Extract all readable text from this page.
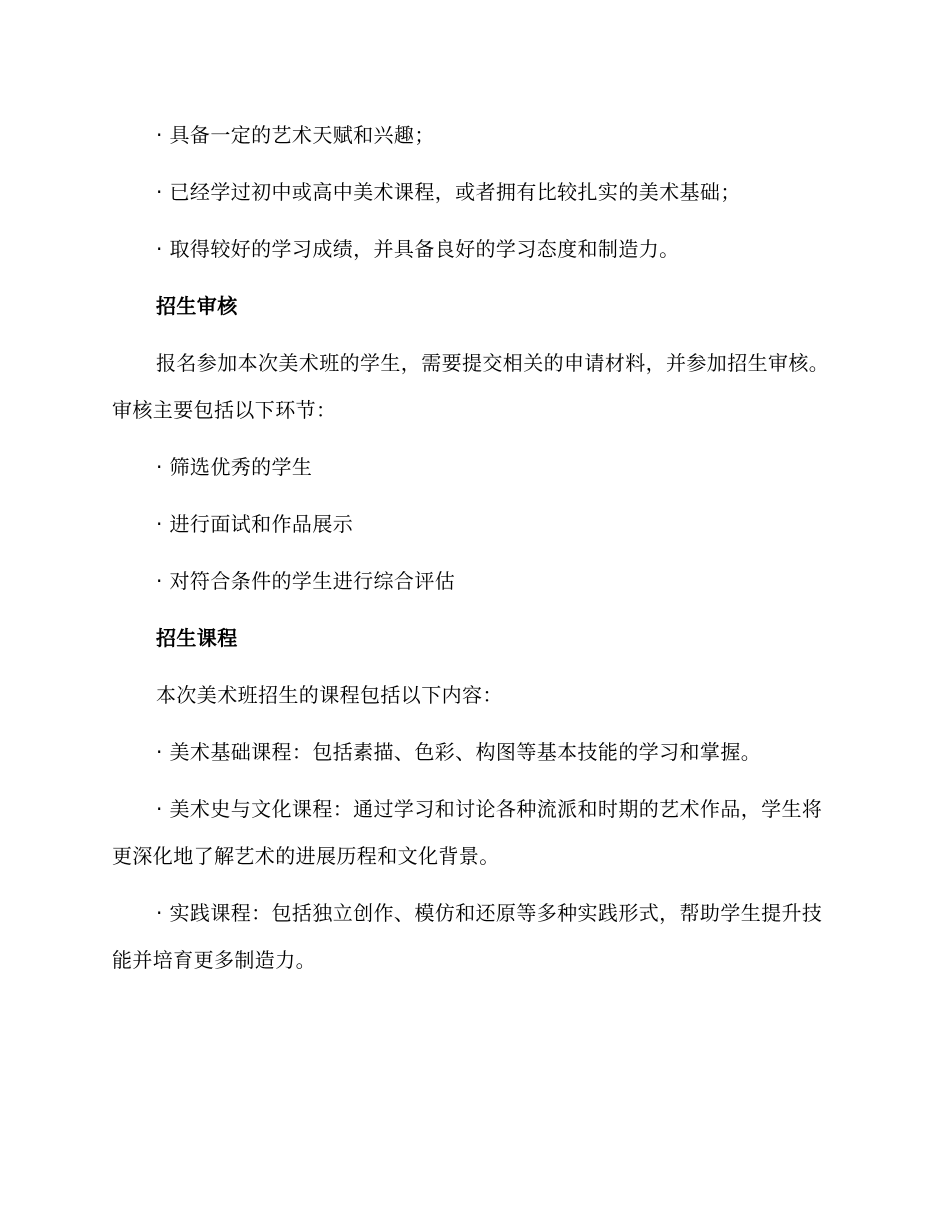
· 具备一定的艺术天赋和兴趣；

· 已经学过初中或高中美术课程，或者拥有比较扎实的美术基础；

· 取得较好的学习成绩，并具备良好的学习态度和制造力。

招生审核

报名参加本次美术班的学生，需要提交相关的申请材料，并参加招生审核。审核主要包括以下环节：

· 筛选优秀的学生

· 进行面试和作品展示

· 对符合条件的学生进行综合评估

招生课程

本次美术班招生的课程包括以下内容：

· 美术基础课程：包括素描、色彩、构图等基本技能的学习和掌握。

· 美术史与文化课程：通过学习和讨论各种流派和时期的艺术作品，学生将更深化地了解艺术的进展历程和文化背景。

· 实践课程：包括独立创作、模仿和还原等多种实践形式，帮助学生提升技能并培育更多制造力。
